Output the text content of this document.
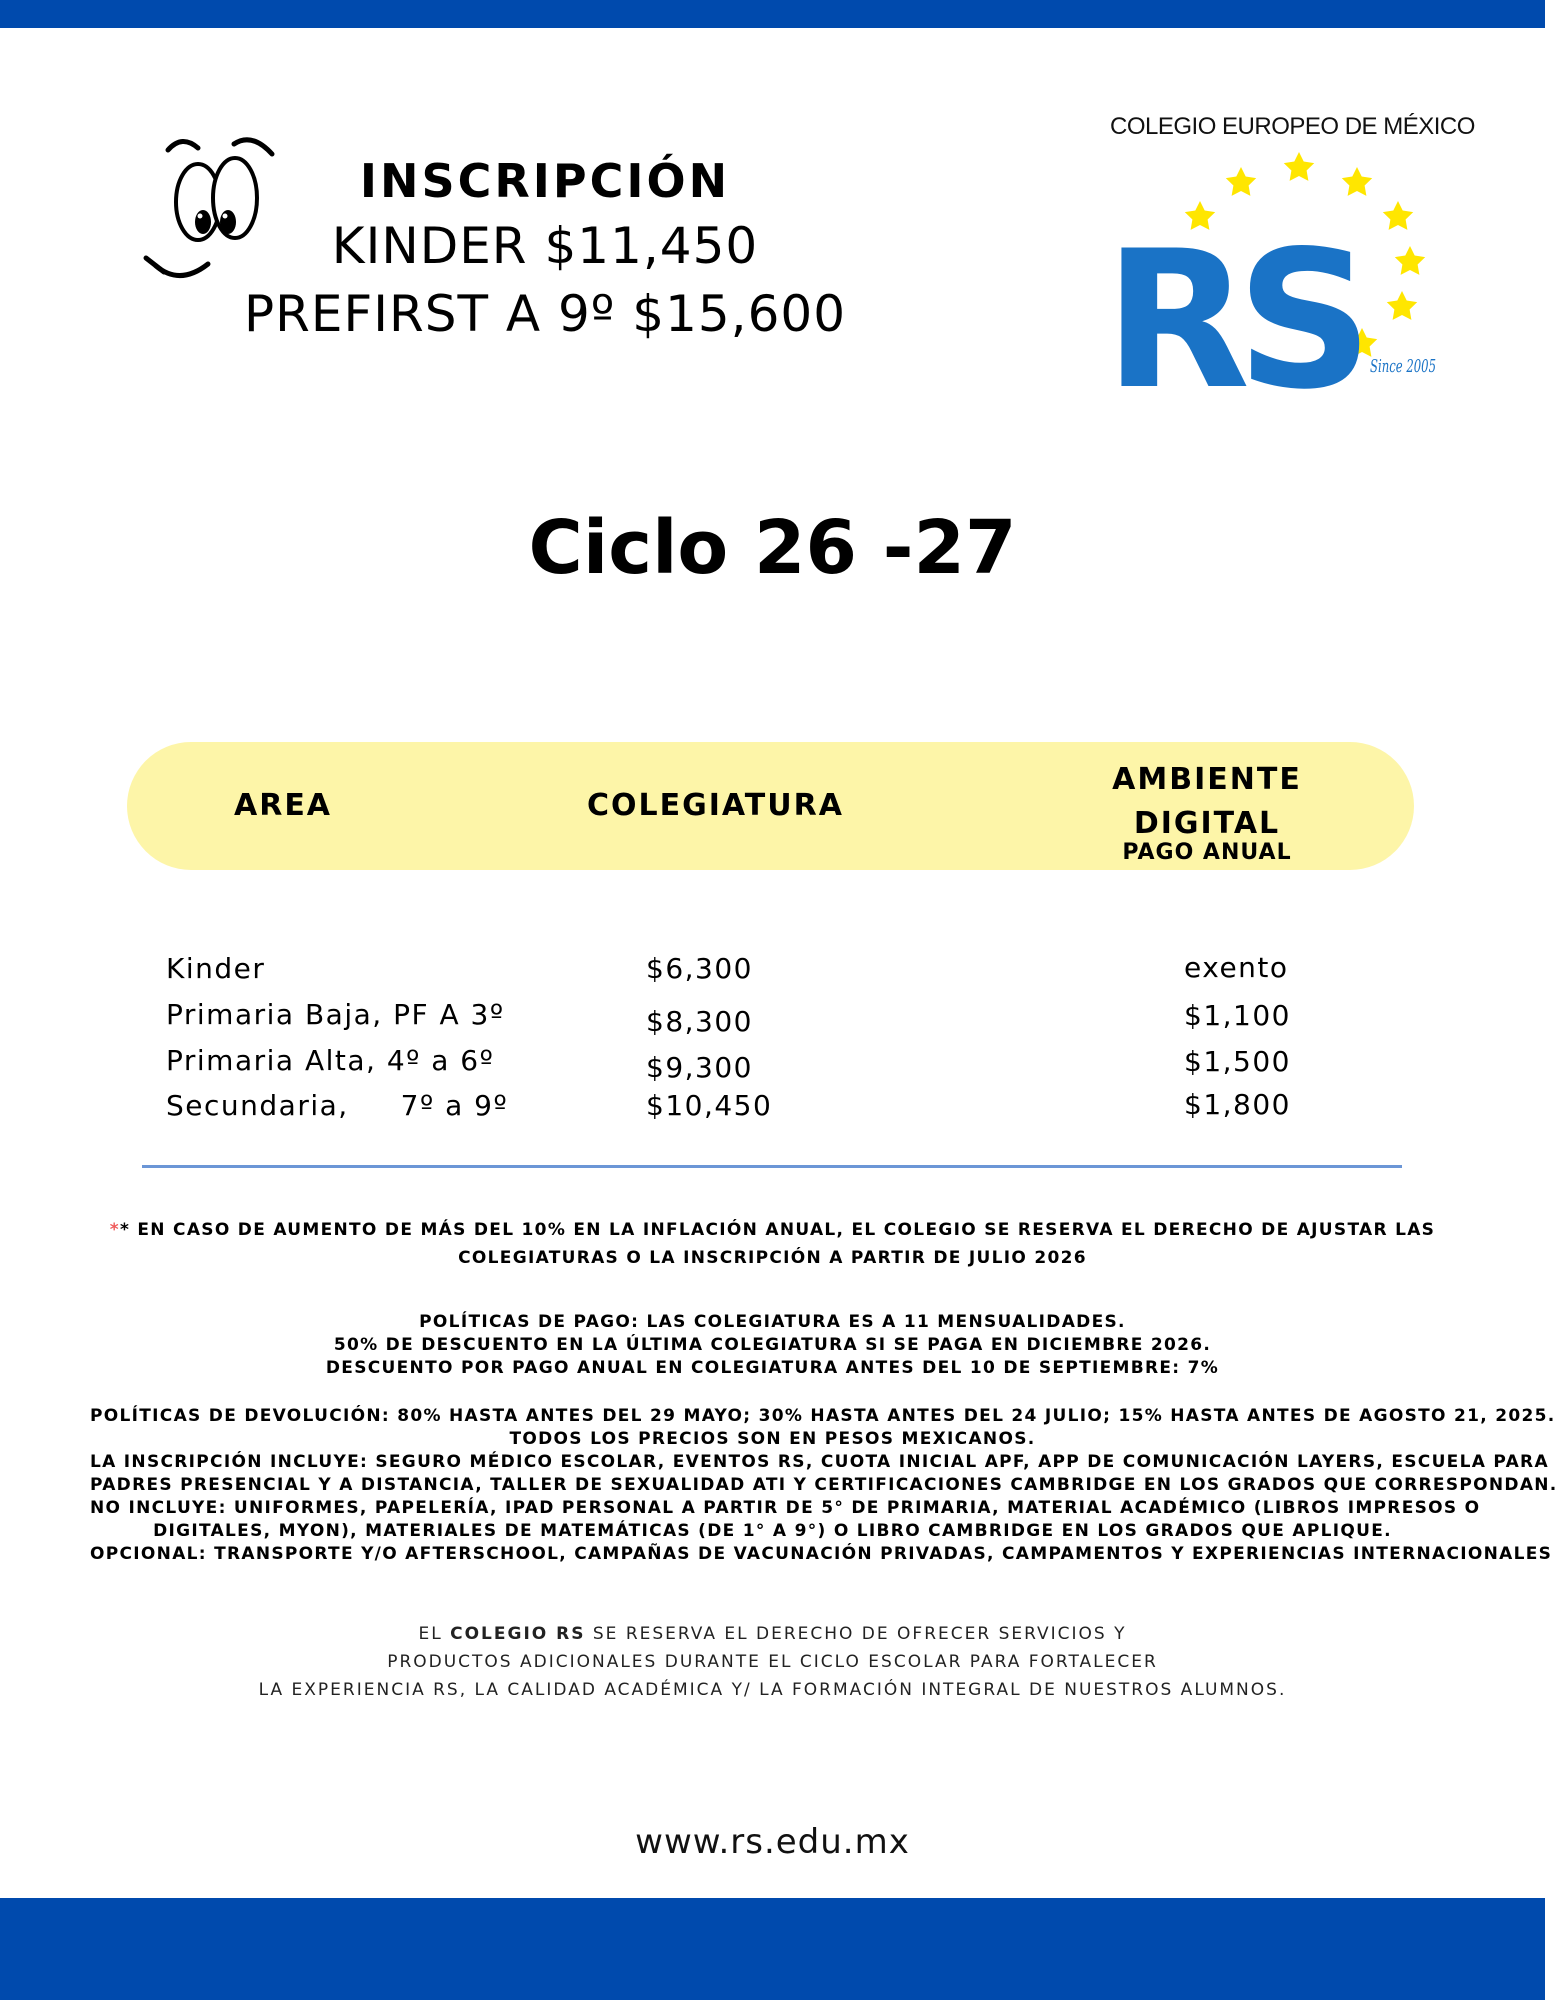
INSCRIPCIÓN
KINDER $11,450
PREFIRST A 9º $15,600 RS Since 2005
COLEGIO EUROPEO DE MÉXICO
Ciclo 26 -27
AREA	COLEGIATURA
AMBIENTE
DIGITAL
PAGO ANUAL
Kinder	$6,300	exento
Primaria Baja, PF A 3º	$8,300	$1,100
Primaria Alta, 4º a 6º	$9,300	$1,500
Secundaria,     7º a 9º	$10,450	$1,800
** EN CASO DE AUMENTO DE MÁS DEL 10% EN LA INFLACIÓN ANUAL, EL COLEGIO SE RESERVA EL DERECHO DE AJUSTAR LAS
COLEGIATURAS O LA INSCRIPCIÓN A PARTIR DE JULIO 2026
POLÍTICAS DE PAGO: LAS COLEGIATURA ES A 11 MENSUALIDADES.
50% DE DESCUENTO EN LA ÚLTIMA COLEGIATURA SI SE PAGA EN DICIEMBRE 2026.
DESCUENTO POR PAGO ANUAL EN COLEGIATURA ANTES DEL 10 DE SEPTIEMBRE: 7%
POLÍTICAS DE DEVOLUCIÓN: 80% HASTA ANTES DEL 29 MAYO; 30% HASTA ANTES DEL 24 JULIO; 15% HASTA ANTES DE AGOSTO 21, 2025.
TODOS LOS PRECIOS SON EN PESOS MEXICANOS.
LA INSCRIPCIÓN INCLUYE: SEGURO MÉDICO ESCOLAR, EVENTOS RS, CUOTA INICIAL APF, APP DE COMUNICACIÓN LAYERS, ESCUELA PARA
PADRES PRESENCIAL Y A DISTANCIA, TALLER DE SEXUALIDAD ATI Y CERTIFICACIONES CAMBRIDGE EN LOS GRADOS QUE CORRESPONDAN.
NO INCLUYE: UNIFORMES, PAPELERÍA, IPAD PERSONAL A PARTIR DE 5° DE PRIMARIA, MATERIAL ACADÉMICO (LIBROS IMPRESOS O
DIGITALES, MYON), MATERIALES DE MATEMÁTICAS (DE 1° A 9°) O LIBRO CAMBRIDGE EN LOS GRADOS QUE APLIQUE.
OPCIONAL: TRANSPORTE Y/O AFTERSCHOOL, CAMPAÑAS DE VACUNACIÓN PRIVADAS, CAMPAMENTOS Y EXPERIENCIAS INTERNACIONALES
EL COLEGIO RS SE RESERVA EL DERECHO DE OFRECER SERVICIOS Y
PRODUCTOS ADICIONALES DURANTE EL CICLO ESCOLAR PARA FORTALECER
LA EXPERIENCIA RS, LA CALIDAD ACADÉMICA Y/ LA FORMACIÓN INTEGRAL DE NUESTROS ALUMNOS.
www.rs.edu.mx
